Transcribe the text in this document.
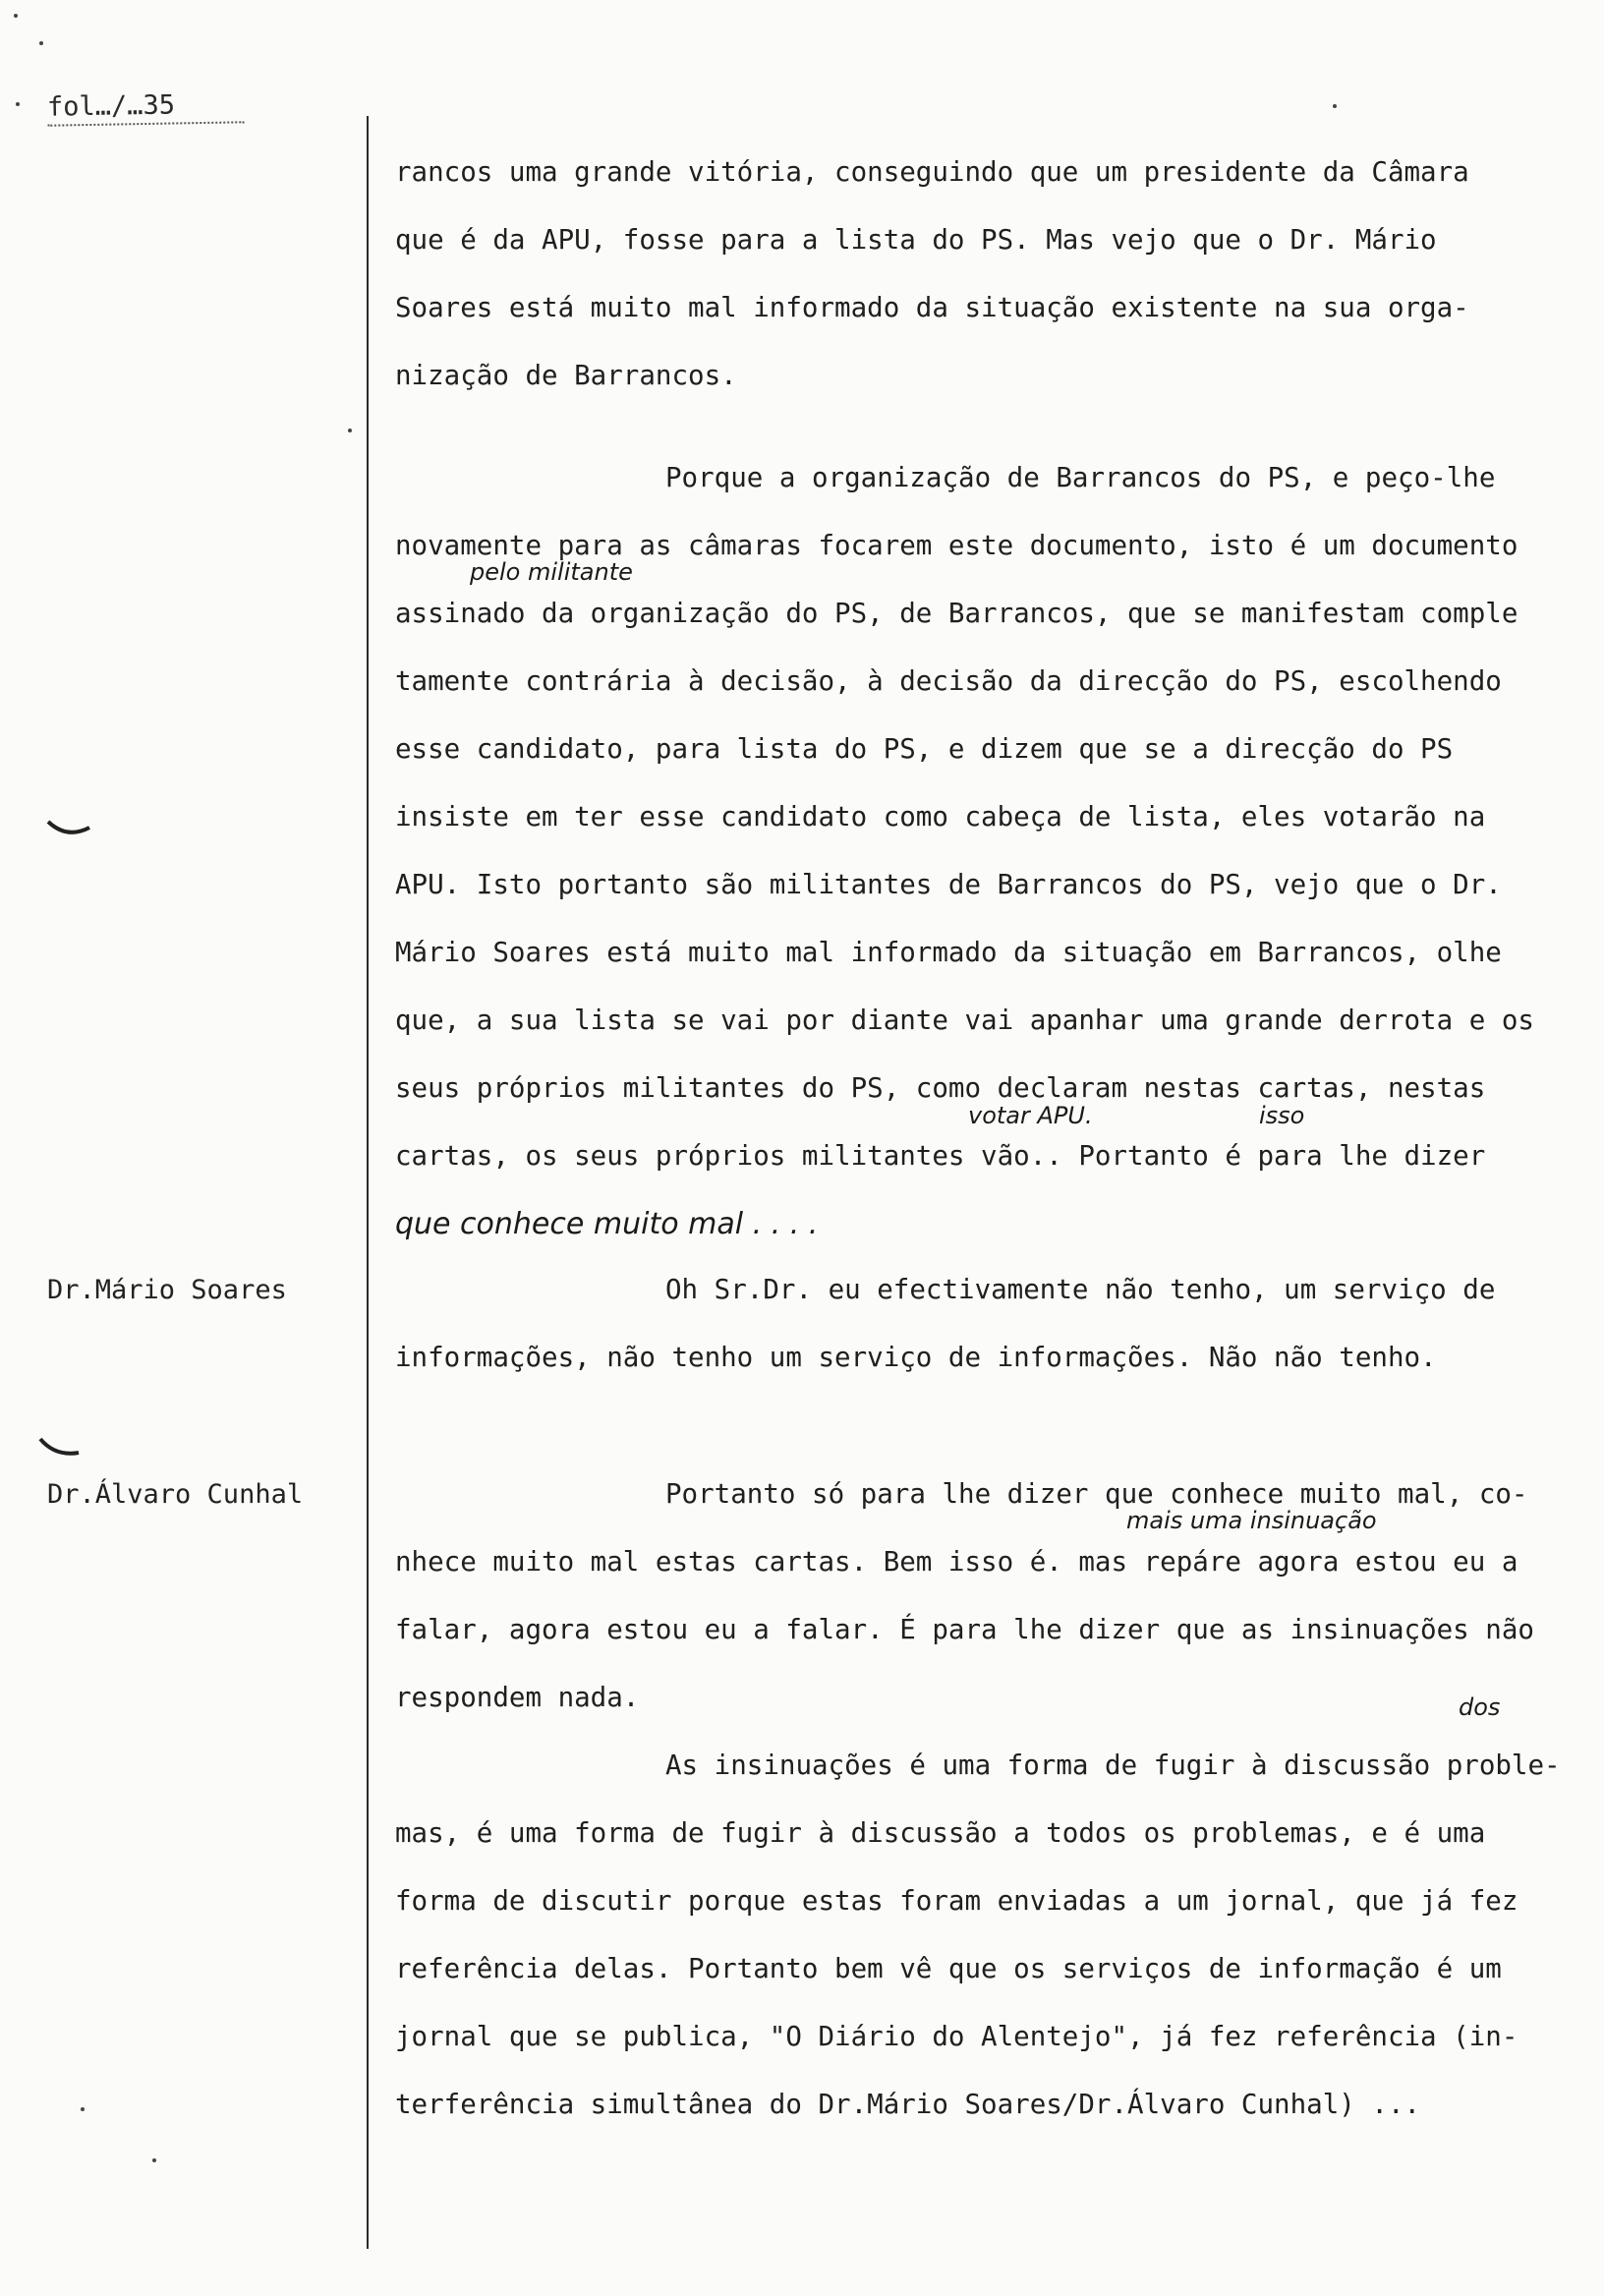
fol…/…35
Dr.Mário Soares
Dr.Álvaro Cunhal
rancos uma grande vitória, conseguindo que um presidente da Câmara
que é da APU, fosse para a lista do PS. Mas vejo que o Dr. Mário
Soares está muito mal informado da situação existente na sua orga-
nização de Barrancos.
Porque a organização de Barrancos do PS, e peço-lhe
novamente para as câmaras focarem este documento, isto é um documento
assinado da organização do PS, de Barrancos, que se manifestam comple
tamente contrária à decisão, à decisão da direcção do PS, escolhendo
esse candidato, para lista do PS, e dizem que se a direcção do PS
insiste em ter esse candidato como cabeça de lista, eles votarão na
APU. Isto portanto são militantes de Barrancos do PS, vejo que o Dr.
Mário Soares está muito mal informado da situação em Barrancos, olhe
que, a sua lista se vai por diante vai apanhar uma grande derrota e os
seus próprios militantes do PS, como declaram nestas cartas, nestas
cartas, os seus próprios militantes vão.. Portanto é para lhe dizer
que conhece muito mal . . . .
pelo militante
votar APU.	isso
mais uma insinuação
dos
Oh Sr.Dr. eu efectivamente não tenho, um serviço de
informações, não tenho um serviço de informações. Não não tenho.
Portanto só para lhe dizer que conhece muito mal, co-
nhece muito mal estas cartas. Bem isso é. mas repáre agora estou eu a
falar, agora estou eu a falar. É para lhe dizer que as insinuações não
respondem nada.
As insinuações é uma forma de fugir à discussão proble-
mas, é uma forma de fugir à discussão a todos os problemas, e é uma
forma de discutir porque estas foram enviadas a um jornal, que já fez
referência delas. Portanto bem vê que os serviços de informação é um
jornal que se publica, "O Diário do Alentejo", já fez referência (in-
terferência simultânea do Dr.Mário Soares/Dr.Álvaro Cunhal) ...
